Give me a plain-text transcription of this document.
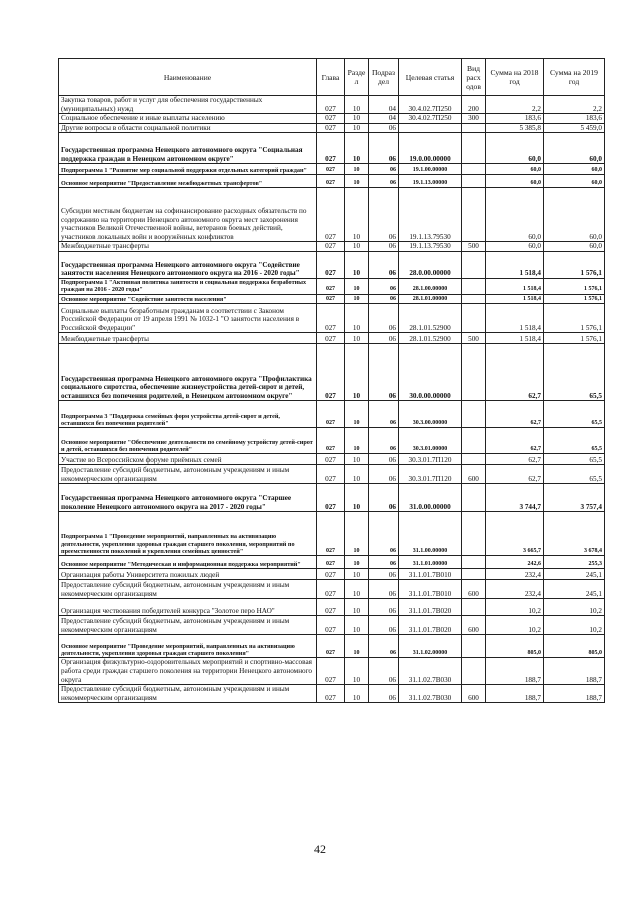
Наименование	Глава	Разде л	Подраз дел	Целевая статья	Вид расх одов	Сумма на 2018 год	Сумма на 2019 год
Закупка товаров, работ и услуг для обеспечения государственных (муниципальных) нужд	027	10	04	30.4.02.7П250	200	2,2	2,2
Социальное обеспечение и иные выплаты населению	027	10	04	30.4.02.7П250	300	183,6	183,6
Другие вопросы в области социальной политики	027	10	06			5 385,8	5 459,0
Государственная программа Ненецкого автономного округа "Социальная поддержка граждан в Ненецком автономном округе"	027	10	06	19.0.00.00000		60,0	60,0
Подпрограмма 1 "Развитие мер социальной поддержки отдельных категорий граждан"	027	10	06	19.1.00.00000		60,0	60,0
Основное мероприятие "Предоставление межбюджетных трансфертов"	027	10	06	19.1.13.00000		60,0	60,0
Субсидии местным бюджетам на софинансирование расходных обязательств по содержанию на территории Ненецкого автономного округа мест захоронения участников Великой Отечественной войны, ветеранов боевых действий, участников локальных войн и вооружённых конфликтов	027	10	06	19.1.13.79530		60,0	60,0
Межбюджетные трансферты	027	10	06	19.1.13.79530	500	60,0	60,0
Государственная программа Ненецкого автономного округа "Содействие занятости населения Ненецкого автономного округа на 2016 - 2020 годы"	027	10	06	28.0.00.00000		1 518,4	1 576,1
Подпрограмма 1 "Активная политика занятости и социальная поддержка безработных граждан на 2016 - 2020 годы"	027	10	06	28.1.00.00000		1 518,4	1 576,1
Основное мероприятие "Содействие занятости населения"	027	10	06	28.1.01.00000		1 518,4	1 576,1
Социальные выплаты безработным гражданам в соответствии с Законом Российской Федерации от 19 апреля 1991 № 1032-1 "О занятости населения в Российской Федерации"	027	10	06	28.1.01.52900		1 518,4	1 576,1
Межбюджетные трансферты	027	10	06	28.1.01.52900	500	1 518,4	1 576,1
Государственная программа Ненецкого автономного округа "Профилактика социального сиротства, обеспечение жизнеустройства детей-сирот и детей, оставшихся без попечения родителей, в Ненецком автономном округе"	027	10	06	30.0.00.00000		62,7	65,5
Подпрограмма 3 "Поддержка семейных форм устройства детей-сирот и детей, оставшихся без попечения родителей"	027	10	06	30.3.00.00000		62,7	65,5
Основное мероприятие "Обеспечение деятельности по семейному устройству детей-сирот и детей, оставшихся без попечения родителей"	027	10	06	30.3.01.00000		62,7	65,5
Участие во Всероссийском форуме приёмных семей	027	10	06	30.3.01.7П120		62,7	65,5
Предоставление субсидий бюджетным, автономным учреждениям и иным некоммерческим организациям	027	10	06	30.3.01.7П120	600	62,7	65,5
Государственная программа Ненецкого автономного округа "Старшее поколение Ненецкого автономного округа на 2017 - 2020 годы"	027	10	06	31.0.00.00000		3 744,7	3 757,4
Подпрограмма 1 "Проведение мероприятий, направленных на активизацию деятельности, укрепления здоровья граждан старшего поколения, мероприятий по преемственности поколений и укрепления семейных ценностей"	027	10	06	31.1.00.00000		3 665,7	3 678,4
Основное мероприятие "Методическая и информационная поддержка мероприятий"	027	10	06	31.1.01.00000		242,6	255,3
Организация работы Университета пожилых людей	027	10	06	31.1.01.7В010		232,4	245,1
Предоставление субсидий бюджетным, автономным учреждениям и иным некоммерческим организациям	027	10	06	31.1.01.7В010	600	232,4	245,1
Организация чествования победителей конкурса "Золотое перо НАО"	027	10	06	31.1.01.7В020		10,2	10,2
Предоставление субсидий бюджетным, автономным учреждениям и иным некоммерческим организациям	027	10	06	31.1.01.7В020	600	10,2	10,2
Основное мероприятие "Проведение мероприятий, направленных на активизацию деятельности, укрепления здоровья граждан старшего поколения"	027	10	06	31.1.02.00000		805,0	805,0
Организация физкультурно-оздоровительных мероприятий и спортивно-массовая работа среди граждан старшего поколения на территории Ненецкого автономного округа	027	10	06	31.1.02.7В030		188,7	188,7
Предоставление субсидий бюджетным, автономным учреждениям и иным некоммерческим организациям	027	10	06	31.1.02.7В030	600	188,7	188,7
42
